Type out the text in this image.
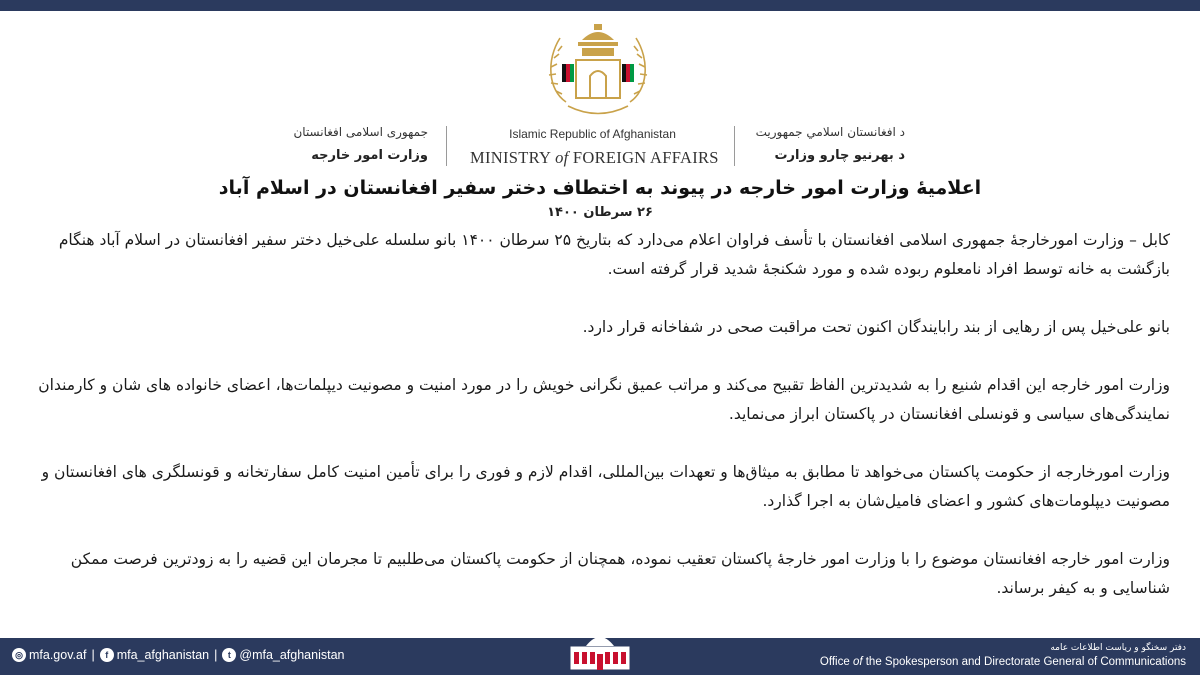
جمهوری اسلامی افغانستان
وزارت امور خارجه
Islamic Republic of Afghanistan
MINISTRY of FOREIGN AFFAIRS
د افغانستان اسلامي جمهوریت
د بهرنيو چارو وزارت
اعلامیۀ وزارت امور خارجه در پیوند به اختطاف دختر سفیر افغانستان در اسلام آباد
۲۶ سرطان ۱۴۰۰

کابل – وزارت امورخارجۀ جمهوری اسلامی افغانستان با تأسف فراوان اعلام می‌دارد که بتاریخ ۲۵ سرطان ۱۴۰۰ بانو سلسله علی‌خیل دختر سفیر افغانستان در اسلام آباد هنگام بازگشت به خانه توسط افراد نامعلوم ربوده شده و مورد شکنجۀ شدید قرار گرفته است.

بانو علی‌خیل پس از رهایی از بند رابایندگان اکنون تحت مراقبت صحی در شفاخانه قرار دارد.

وزارت امور خارجه این اقدام شنیع را به شدیدترین الفاظ تقبیح می‌کند و مراتب عمیق نگرانی خویش را در مورد امنیت و مصونیت دیپلمات‌ها، اعضای خانواده های شان و کارمندان نمایندگی‌های سیاسی و قونسلی افغانستان در پاکستان ابراز می‌نماید.

وزارت امورخارجه از حکومت پاکستان می‌خواهد تا مطابق به میثاق‌ها و تعهدات بین‌المللی، اقدام لازم و فوری را برای تأمین امنیت کامل سفارتخانه و قونسلگری های افغانستان و مصونیت دیپلومات‌های کشور و اعضای فامیل‌شان به اجرا گذارد.

وزارت امور خارجه افغانستان موضوع را با وزارت امور خارجۀ پاکستان تعقیب نموده، همچنان از حکومت پاکستان می‌طلبیم تا مجرمان این قضیه را به زودترین فرصت ممکن شناسایی و به کیفر برساند.

◎ mfa.gov.af |	f mfa_afghanistan |	t @mfa_afghanistan	دفتر سخنگو و ریاست اطلاعات عامه
Office of the Spokesperson and Directorate General of Communications
